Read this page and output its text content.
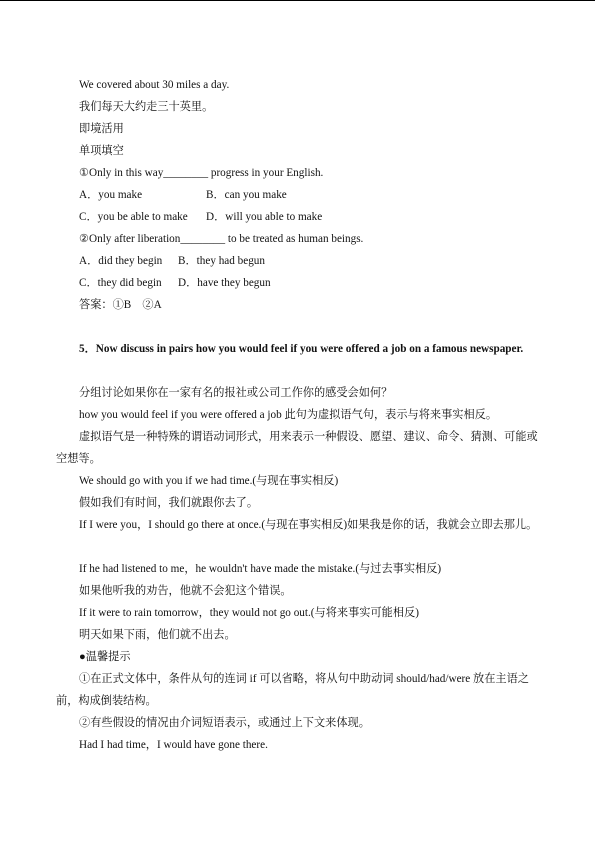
We covered about 30 miles a day.
我们每天大约走三十英里。
即境活用
单项填空
①Only in this way________ progress in your English.
A．you make	B．can you make
C．you be able to make D．will you able to make
②Only after liberation________ to be treated as human beings.
A．did they begin B．they had begun
C．they did begin D．have they begun
答案：①B　②A
5．Now discuss in pairs how you would feel if you were offered a job on a famous newspaper.
分组讨论如果你在一家有名的报社或公司工作你的感受会如何？
how you would feel if you were offered a job 此句为虚拟语气句，表示与将来事实相反。
虚拟语气是一种特殊的谓语动词形式，用来表示一种假设、愿望、建议、命令、猜测、可能或空想等。
We should go with you if we had time.(与现在事实相反)
假如我们有时间，我们就跟你去了。
If I were you，I should go there at once.(与现在事实相反)如果我是你的话，我就会立即去那儿。
If he had listened to me，he wouldn't have made the mistake.(与过去事实相反)
如果他听我的劝告，他就不会犯这个错误。
If it were to rain tomorrow，they would not go out.(与将来事实可能相反)
明天如果下雨，他们就不出去。
●温馨提示
①在正式文体中，条件从句的连词 if 可以省略，将从句中助动词 should/had/were 放在主语之前，构成倒装结构。
②有些假设的情况由介词短语表示，或通过上下文来体现。
Had I had time，I would have gone there.
